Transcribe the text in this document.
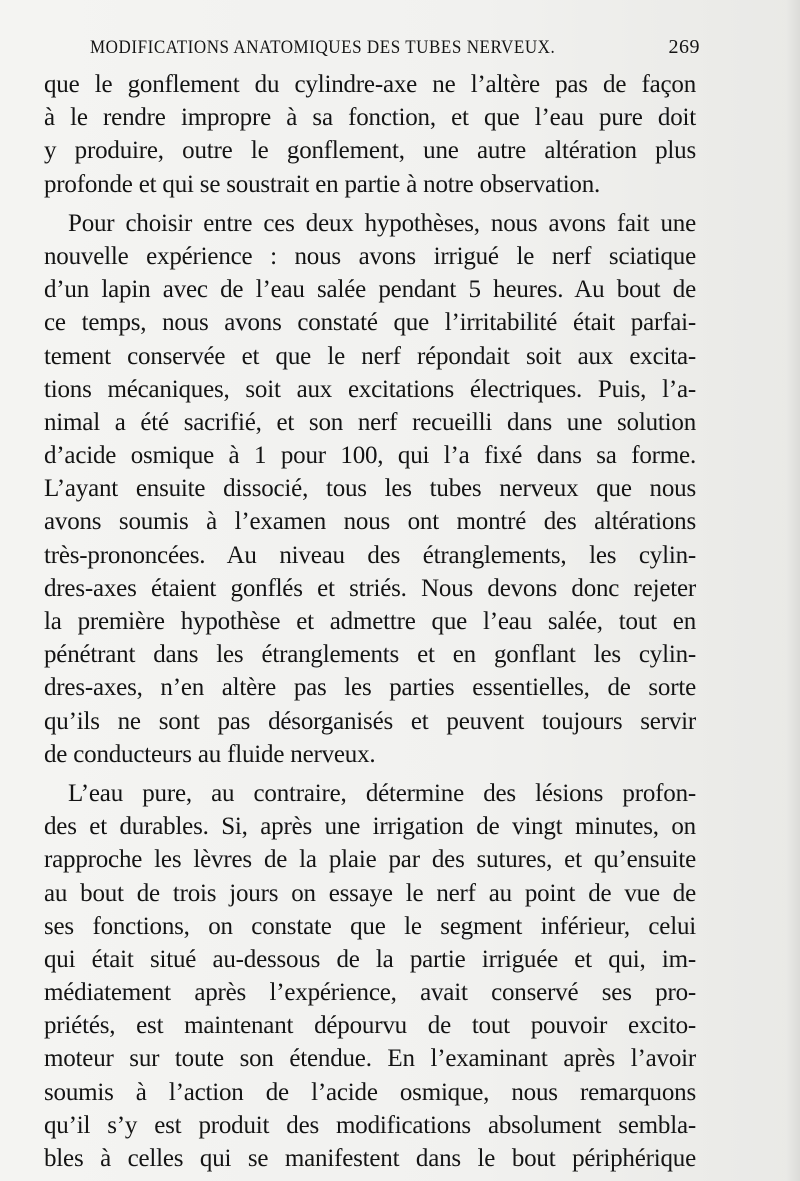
MODIFICATIONS ANATOMIQUES DES TUBES NERVEUX.	269
que le gonflement du cylindre-axe ne l’altère pas de façon
à le rendre impropre à sa fonction, et que l’eau pure doit
y produire, outre le gonflement, une autre altération plus
profonde et qui se soustrait en partie à notre observation.
Pour choisir entre ces deux hypothèses, nous avons fait une
nouvelle expérience : nous avons irrigué le nerf sciatique
d’un lapin avec de l’eau salée pendant 5 heures. Au bout de
ce temps, nous avons constaté que l’irritabilité était parfai-
tement conservée et que le nerf répondait soit aux excita-
tions mécaniques, soit aux excitations électriques. Puis, l’a-
nimal a été sacrifié, et son nerf recueilli dans une solution
d’acide osmique à 1 pour 100, qui l’a fixé dans sa forme.
L’ayant ensuite dissocié, tous les tubes nerveux que nous
avons soumis à l’examen nous ont montré des altérations
très-prononcées. Au niveau des étranglements, les cylin-
dres-axes étaient gonflés et striés. Nous devons donc rejeter
la première hypothèse et admettre que l’eau salée, tout en
pénétrant dans les étranglements et en gonflant les cylin-
dres-axes, n’en altère pas les parties essentielles, de sorte
qu’ils ne sont pas désorganisés et peuvent toujours servir
de conducteurs au fluide nerveux.
L’eau pure, au contraire, détermine des lésions profon-
des et durables. Si, après une irrigation de vingt minutes, on
rapproche les lèvres de la plaie par des sutures, et qu’ensuite
au bout de trois jours on essaye le nerf au point de vue de
ses fonctions, on constate que le segment inférieur, celui
qui était situé au-dessous de la partie irriguée et qui, im-
médiatement après l’expérience, avait conservé ses pro-
priétés, est maintenant dépourvu de tout pouvoir excito-
moteur sur toute son étendue. En l’examinant après l’avoir
soumis à l’action de l’acide osmique, nous remarquons
qu’il s’y est produit des modifications absolument sembla-
bles à celles qui se manifestent dans le bout périphérique
